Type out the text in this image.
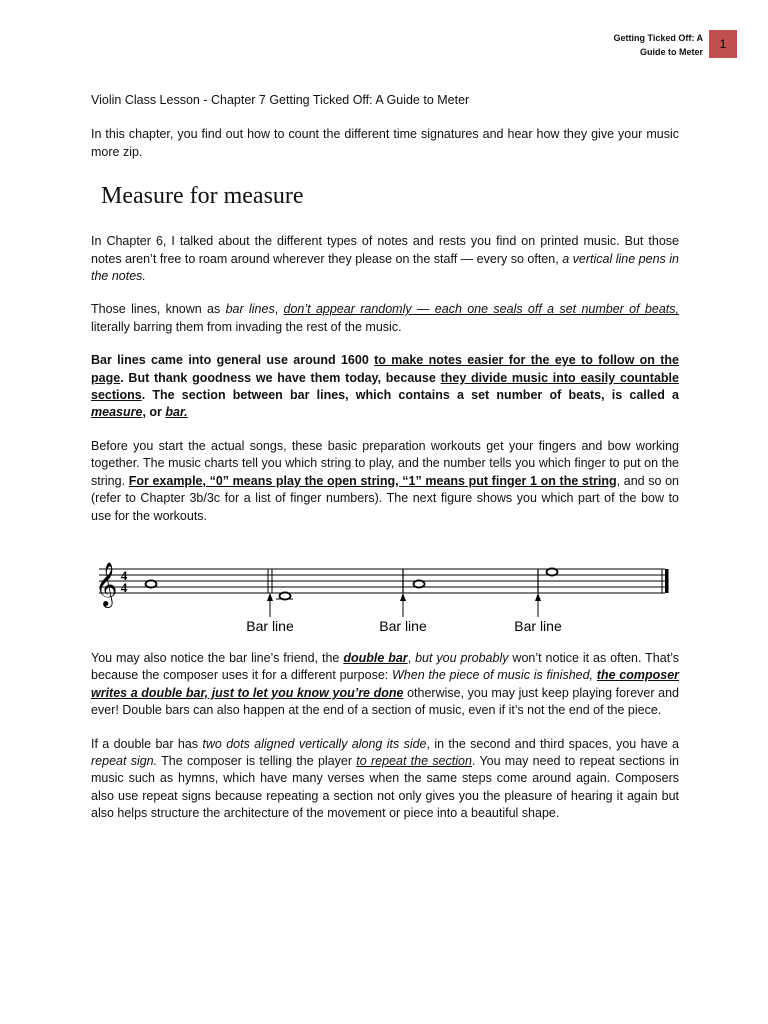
Getting Ticked Off: A
Guide to Meter
1

Violin Class Lesson - Chapter 7 Getting Ticked Off: A Guide to Meter

In this chapter, you find out how to count the different time signatures and hear how they give your music more zip.

Measure for measure

In Chapter 6, I talked about the different types of notes and rests you find on printed music. But those notes aren’t free to roam around wherever they please on the staff — every so often, a vertical line pens in the notes.

Those lines, known as bar lines, don’t appear randomly — each one seals off a set number of beats, literally barring them from invading the rest of the music.

Bar lines came into general use around 1600 to make notes easier for the eye to follow on the page. But thank goodness we have them today, because they divide music into easily countable sections. The section between bar lines, which contains a set number of beats, is called a measure, or bar.

Before you start the actual songs, these basic preparation workouts get your fingers and bow working together. The music charts tell you which string to play, and the number tells you which finger to put on the string. For example, “0” means play the open string, “1” means put finger 1 on the string, and so on (refer to Chapter 3b/3c for a list of finger numbers). The next figure shows you which part of the bow to use for the workouts.

𝄞 4
4
Bar line	Bar line	Bar line

You may also notice the bar line’s friend, the double bar, but you probably won’t notice it as often. That’s because the composer uses it for a different purpose: When the piece of music is finished, the composer writes a double bar, just to let you know you’re done otherwise, you may just keep playing forever and ever! Double bars can also happen at the end of a section of music, even if it’s not the end of the piece.

If a double bar has two dots aligned vertically along its side, in the second and third spaces, you have a repeat sign. The composer is telling the player to repeat the section. You may need to repeat sections in music such as hymns, which have many verses when the same steps come around again. Composers also use repeat signs because repeating a section not only gives you the pleasure of hearing it again but also helps structure the architecture of the movement or piece into a beautiful shape.
